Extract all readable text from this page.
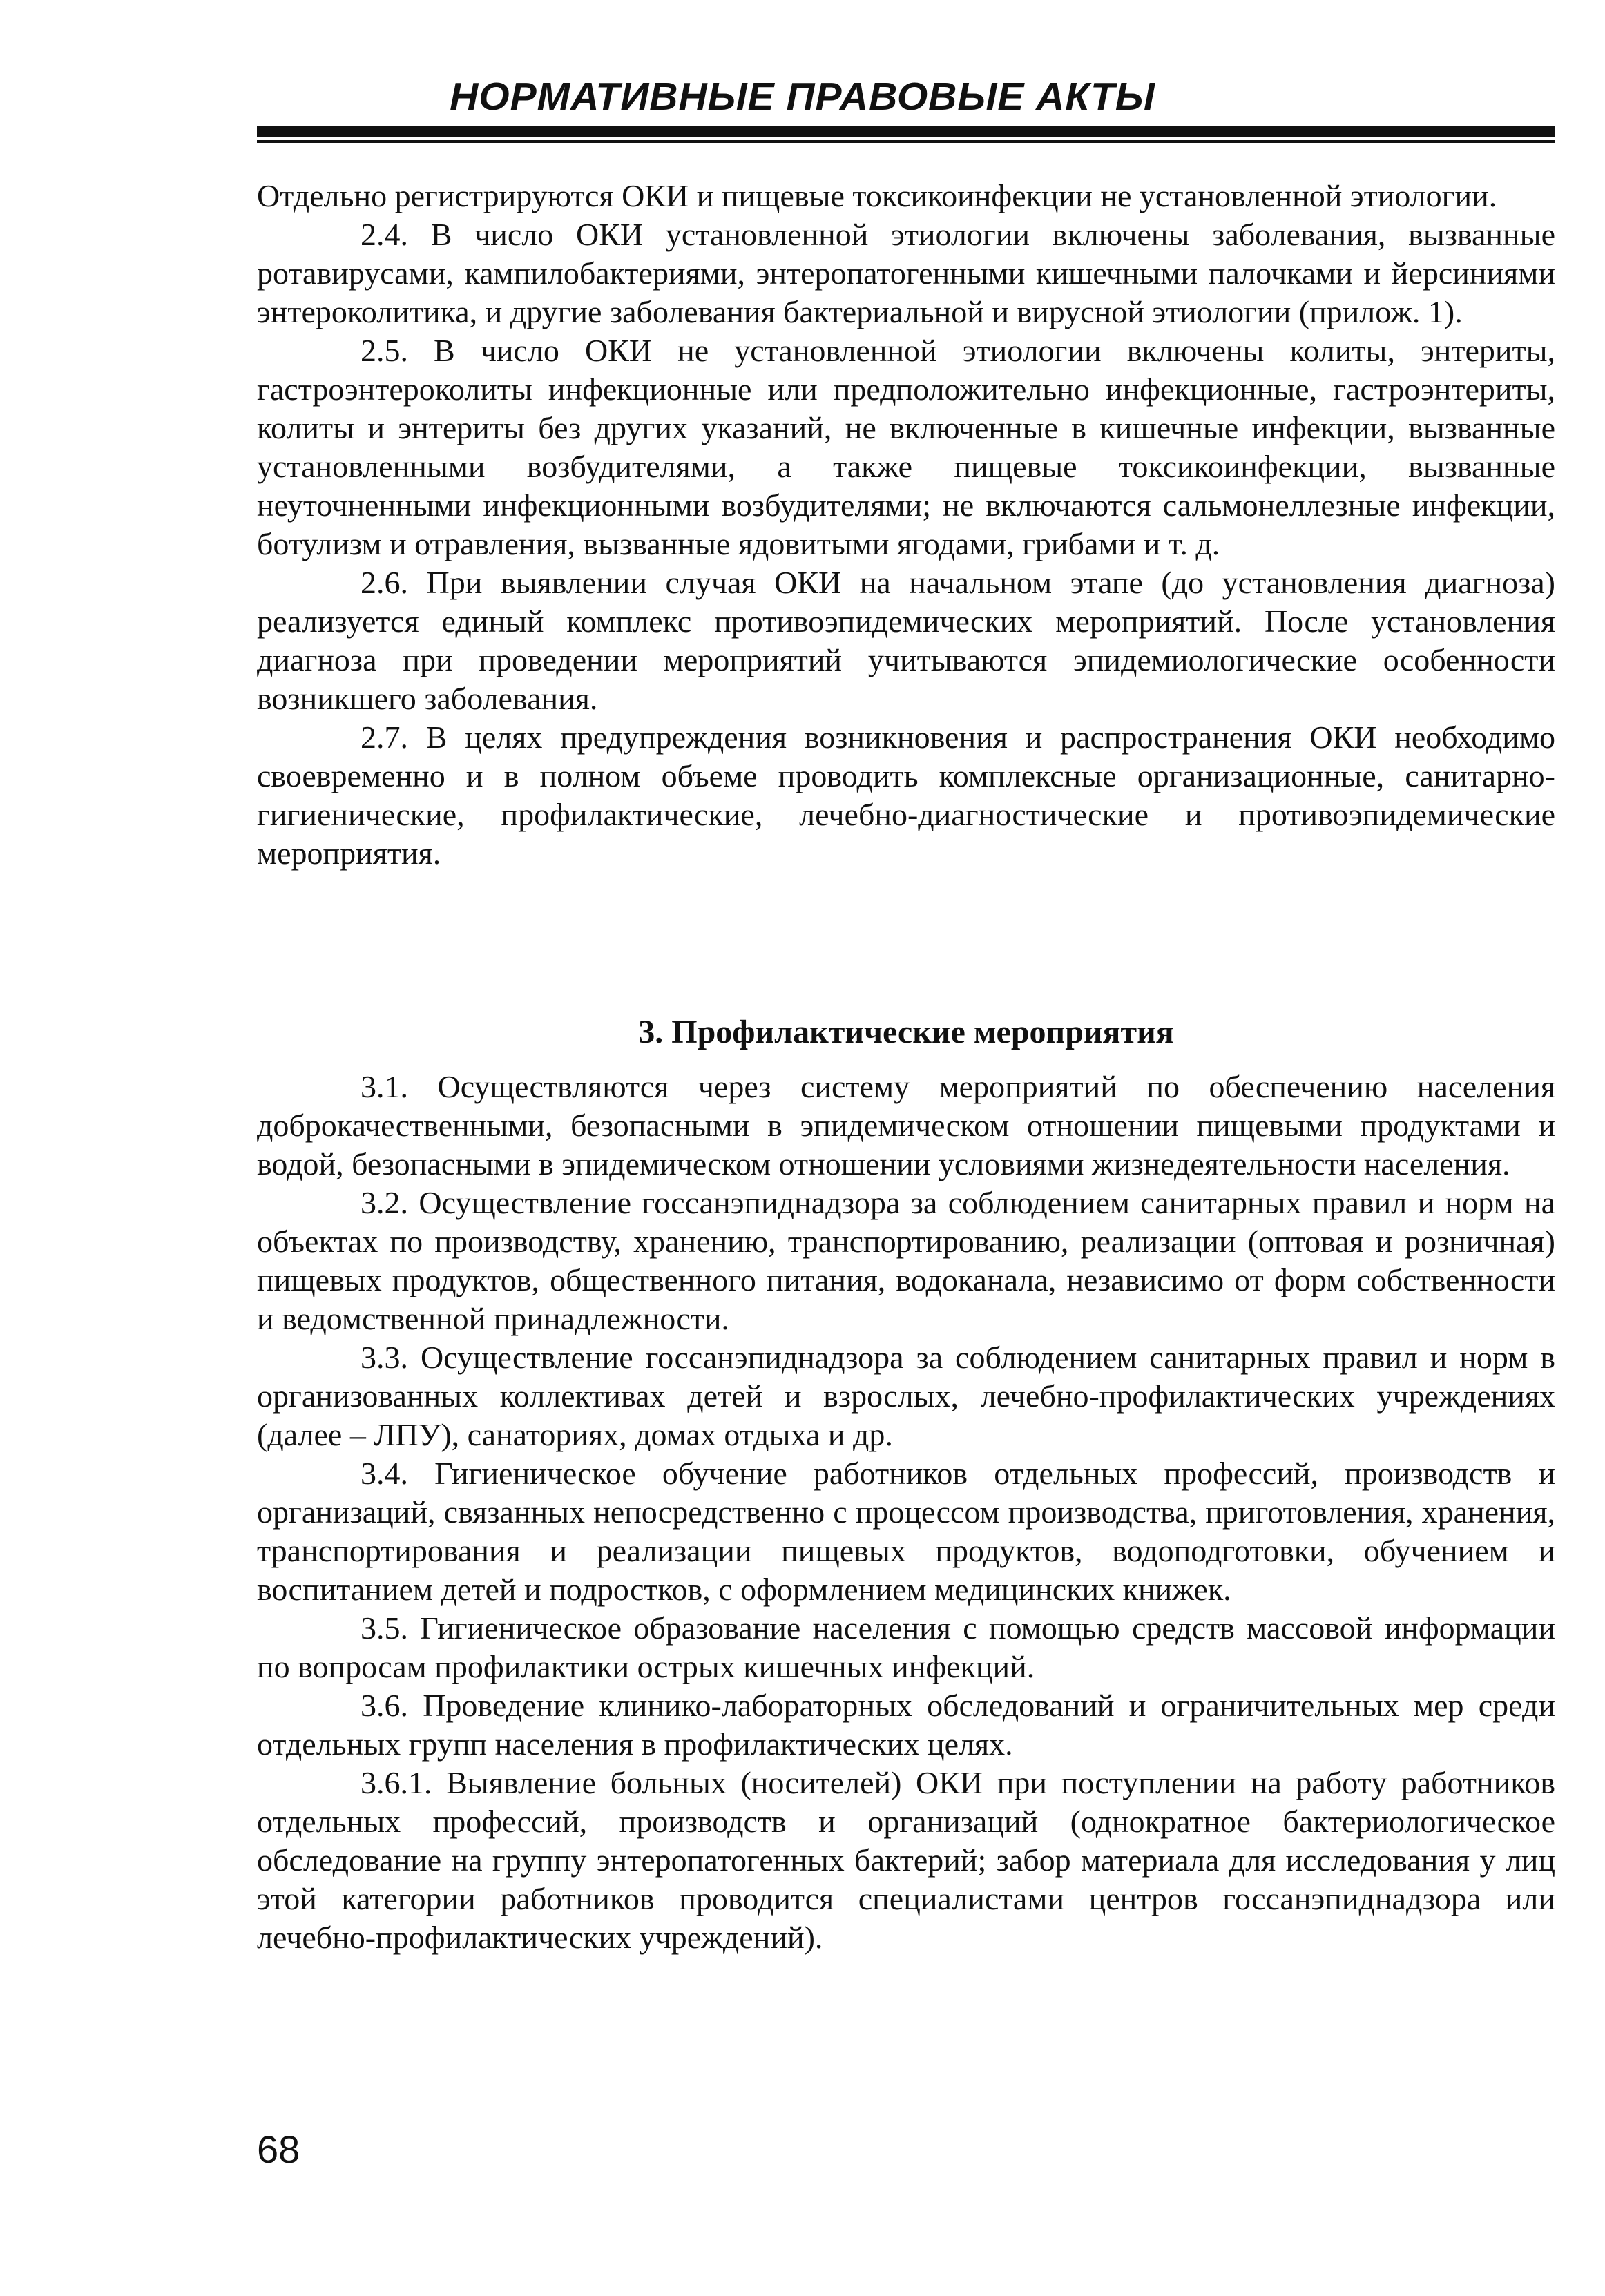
НОРМАТИВНЫЕ ПРАВОВЫЕ АКТЫ

Отдельно регистрируются ОКИ и пищевые токсикоинфекции не установленной этиологии.

2.4. В число ОКИ установленной этиологии включены заболевания, вызванные ротавирусами, кампилобактериями, энтеропатогенными кишечными палочками и йерсиниями энтероколитика, и другие заболевания бактериальной и вирусной этиологии (прилож. 1).

2.5. В число ОКИ не установленной этиологии включены колиты, энтериты, гастроэнтероколиты инфекционные или предположительно инфекционные, гастроэнтериты, колиты и энтериты без других указаний, не включенные в кишечные инфекции, вызванные установленными возбудителями, а также пищевые токсикоинфекции, вызванные неуточненными инфекционными возбудителями; не включаются сальмонеллезные инфекции, ботулизм и отравления, вызванные ядовитыми ягодами, грибами и т. д.

2.6. При выявлении случая ОКИ на начальном этапе (до установления диагноза) реализуется единый комплекс противоэпидемических мероприятий. После установления диагноза при проведении мероприятий учитываются эпидемиологические особенности возникшего заболевания.

2.7. В целях предупреждения возникновения и распространения ОКИ необходимо своевременно и в полном объеме проводить комплексные организационные, санитарно-гигиенические, профилактические, лечебно-диагностические и противоэпидемические мероприятия.

3. Профилактические мероприятия

3.1. Осуществляются через систему мероприятий по обеспечению населения доброкачественными, безопасными в эпидемическом отношении пищевыми продуктами и водой, безопасными в эпидемическом отношении условиями жизнедеятельности населения.

3.2. Осуществление госсанэпиднадзора за соблюдением санитарных правил и норм на объектах по производству, хранению, транспортированию, реализации (оптовая и розничная) пищевых продуктов, общественного питания, водоканала, независимо от форм собственности и ведомственной принадлежности.

3.3. Осуществление госсанэпиднадзора за соблюдением санитарных правил и норм в организованных коллективах детей и взрослых, лечебно-профилактических учреждениях (далее – ЛПУ), санаториях, домах отдыха и др.

3.4. Гигиеническое обучение работников отдельных профессий, производств и организаций, связанных непосредственно с процессом производства, приготовления, хранения, транспортирования и реализации пищевых продуктов, водоподготовки, обучением и воспитанием детей и подростков, с оформлением медицинских книжек.

3.5. Гигиеническое образование населения с помощью средств массовой информации по вопросам профилактики острых кишечных инфекций.

3.6. Проведение клинико-лабораторных обследований и ограничительных мер среди отдельных групп населения в профилактических целях.

3.6.1. Выявление больных (носителей) ОКИ при поступлении на работу работников отдельных профессий, производств и организаций (однократное бактериологическое обследование на группу энтеропатогенных бактерий; забор материала для исследования у лиц этой категории работников проводится специалистами центров госсанэпиднадзора или лечебно-профилактических учреждений).

68
